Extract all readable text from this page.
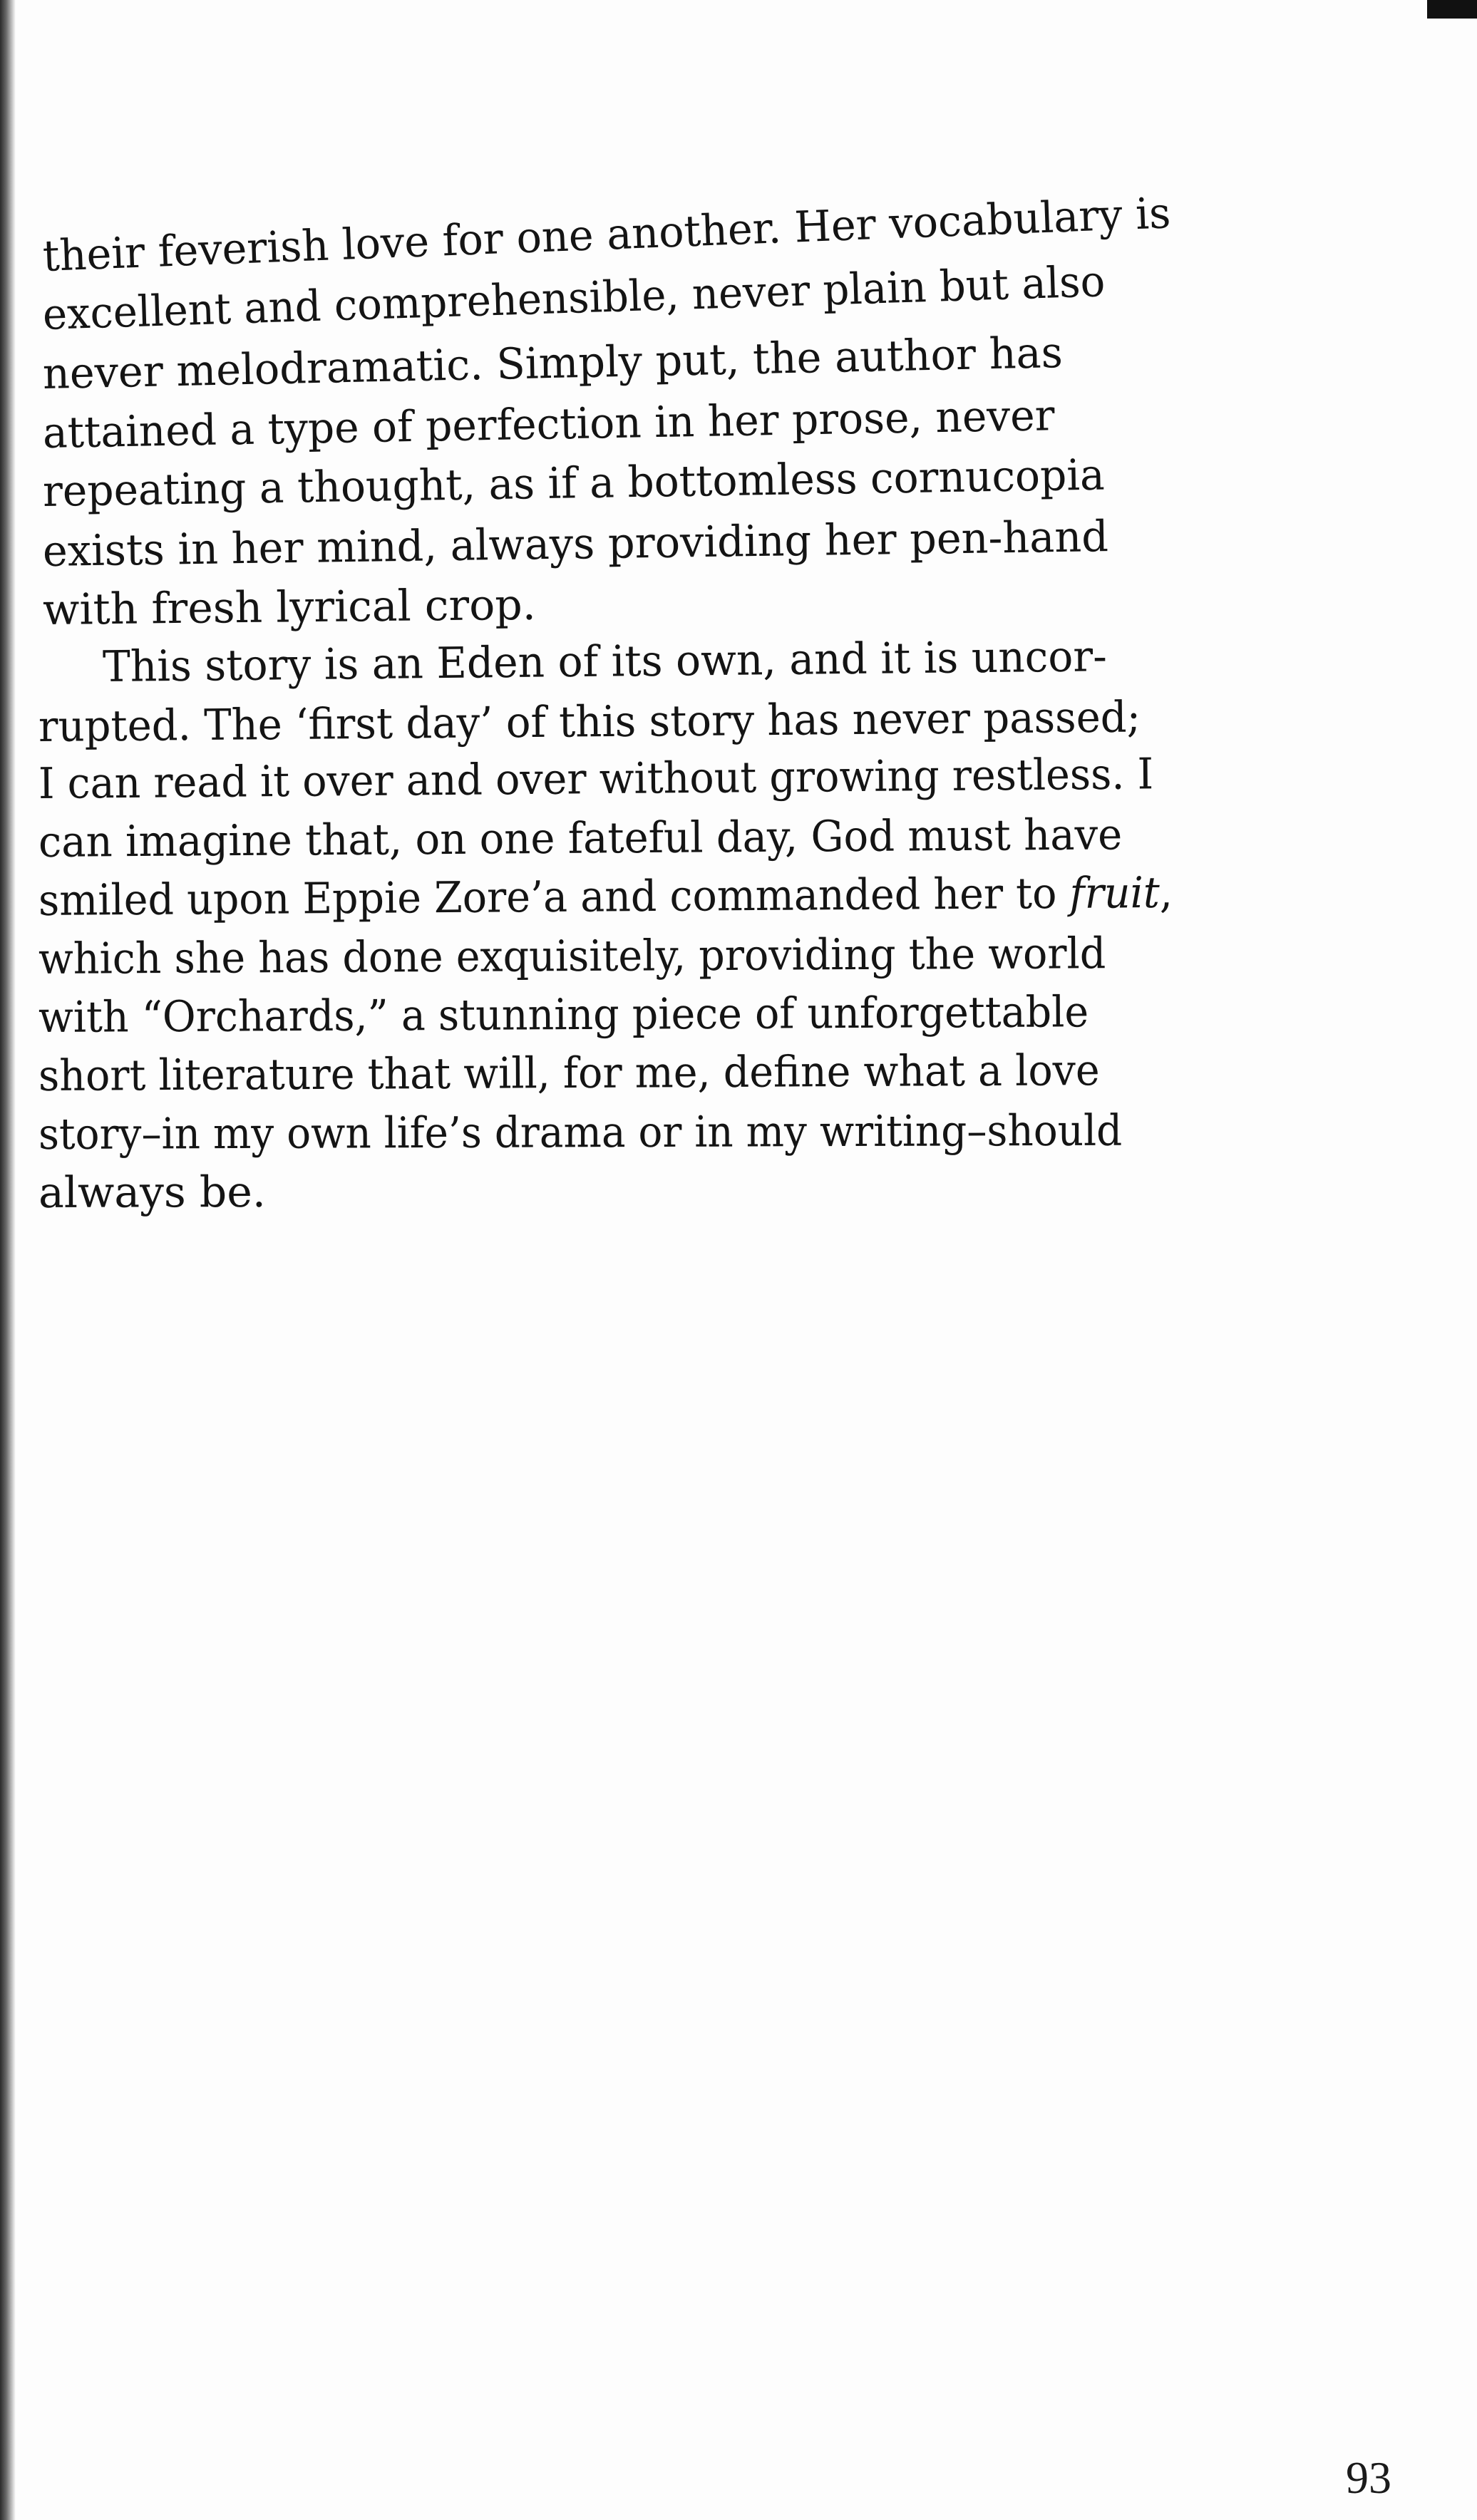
their feverish love for one another. Her vocabulary is
excellent and comprehensible, never plain but also
never melodramatic. Simply put, the author has
attained a type of perfection in her prose, never
repeating a thought, as if a bottomless cornucopia
exists in her mind, always providing her pen-hand
with fresh lyrical crop.
This story is an Eden of its own, and it is uncor-
rupted. The ‘first day’ of this story has never passed;
I can read it over and over without growing restless. I
can imagine that, on one fateful day, God must have
smiled upon Eppie Zore’a and commanded her to fruit,
which she has done exquisitely, providing the world
with “Orchards,” a stunning piece of unforgettable
short literature that will, for me, define what a love
story–in my own life’s drama or in my writing–should
always be.
93
